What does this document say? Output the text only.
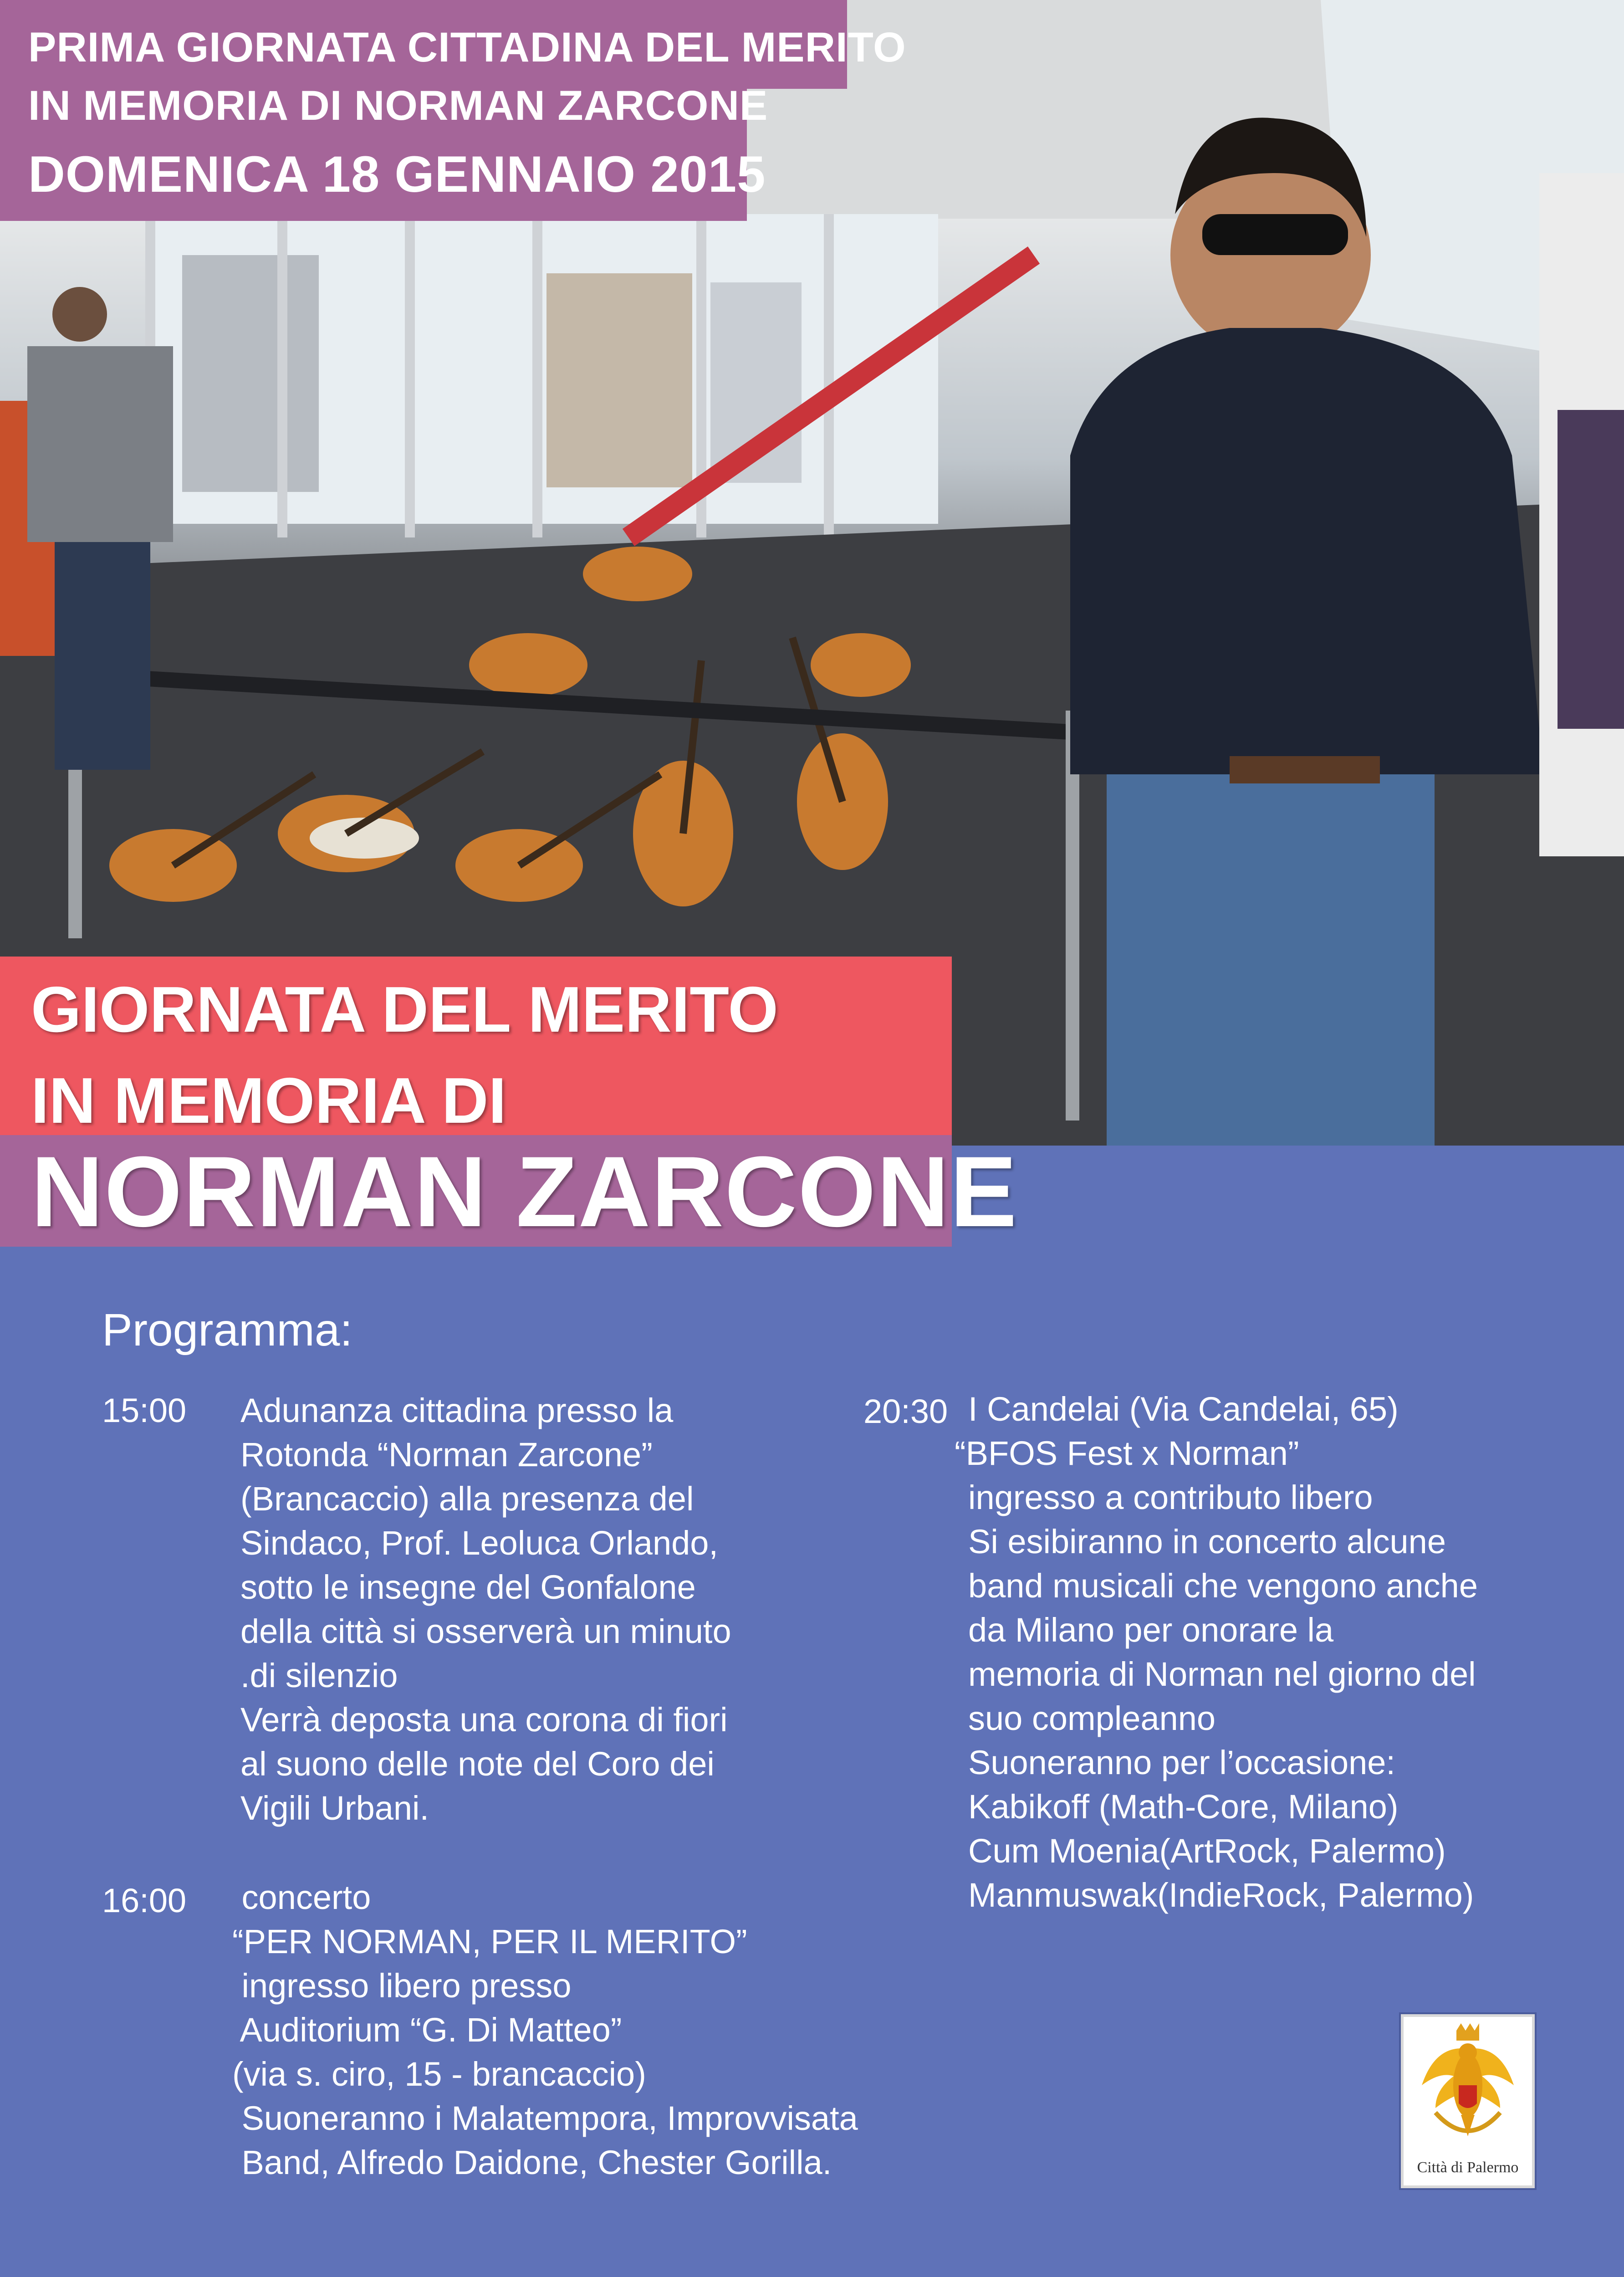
PRIMA GIORNATA CITTADINA DEL MERITO
IN MEMORIA DI NORMAN ZARCONE
DOMENICA 18 GENNAIO 2015
GIORNATA DEL MERITO
IN MEMORIA DI
NORMAN ZARCONE
Programma:
15:00 Adunanza cittadina presso la
Rotonda “Norman Zarcone”
(Brancaccio) alla presenza del
Sindaco, Prof. Leoluca Orlando,
sotto le insegne del Gonfalone
della città si osserverà un minuto
.di silenzio
Verrà deposta una corona di fiori
al suono delle note del Coro dei
Vigili Urbani.
16:00 concerto
“PER NORMAN, PER IL MERITO”
ingresso libero presso
Auditorium “G. Di Matteo”
(via s. ciro, 15 - brancaccio)
Suoneranno i Malatempora, Improvvisata
Band, Alfredo Daidone, Chester Gorilla.
20:30 I Candelai (Via Candelai, 65)
“BFOS Fest x Norman”
ingresso a contributo libero
Si esibiranno in concerto alcune
band musicali che vengono anche
da Milano per onorare la
memoria di Norman nel giorno del
suo compleanno
Suoneranno per l’occasione:
Kabikoff (Math-Core, Milano)
Cum Moenia(ArtRock, Palermo)
Manmuswak(IndieRock, Palermo)
Città di Palermo
